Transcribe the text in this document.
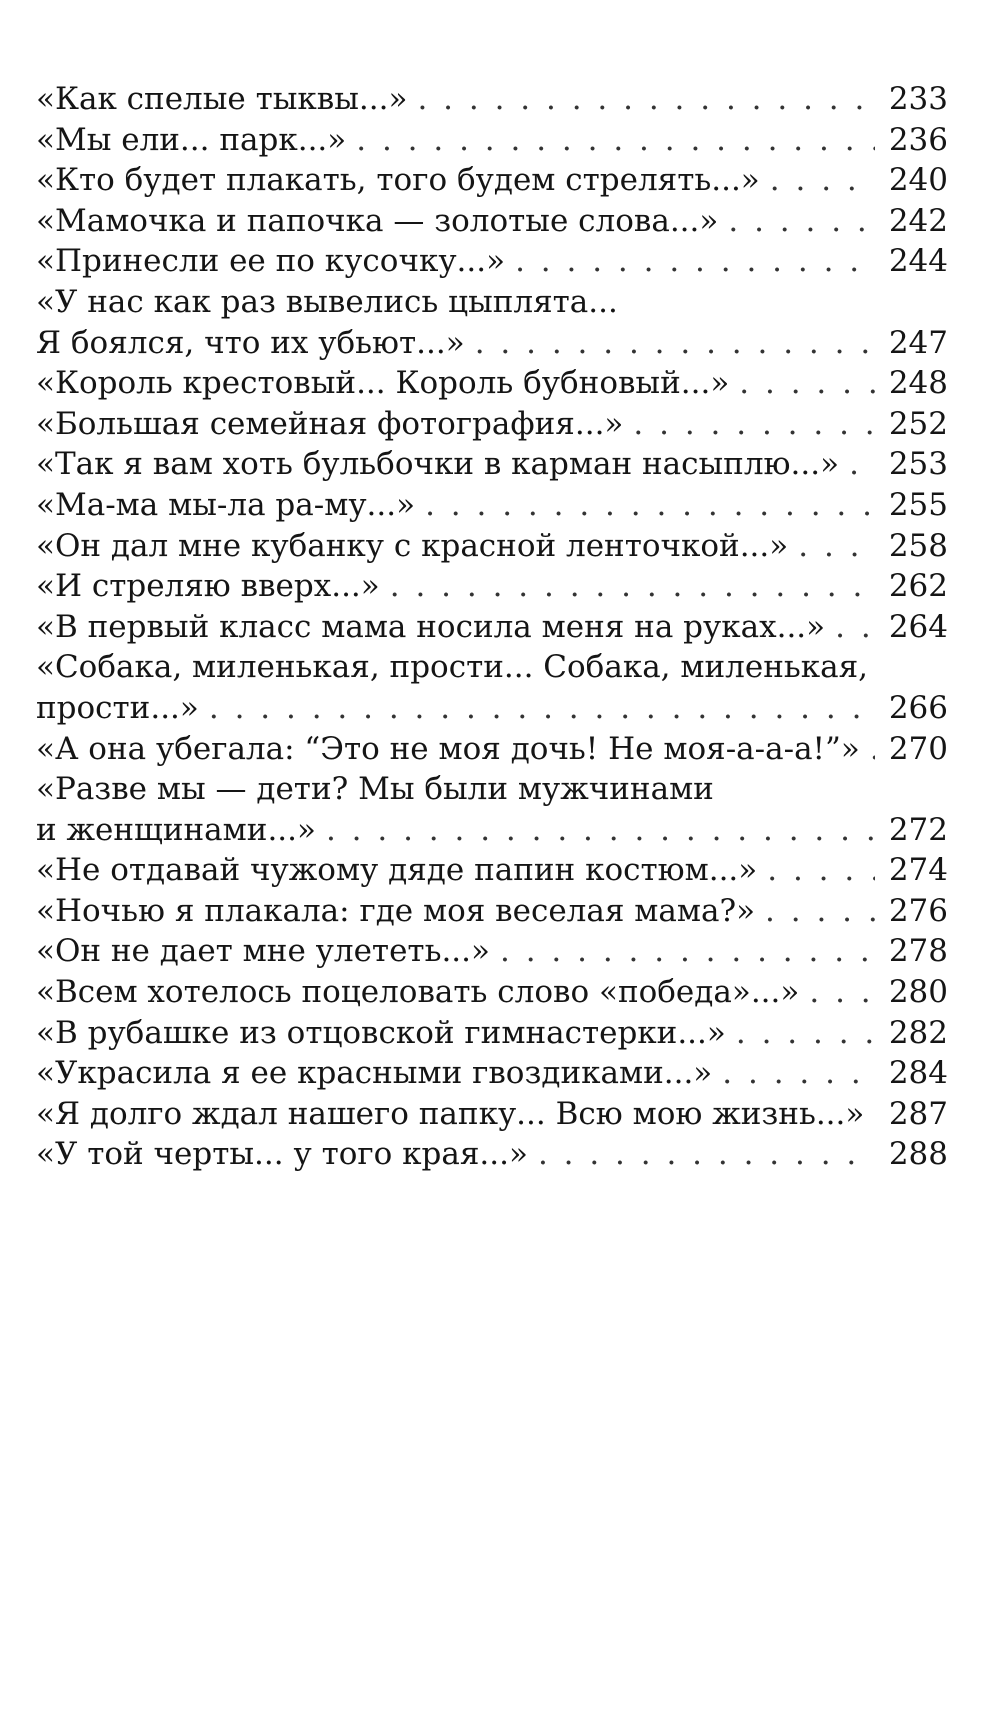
«Как спелые тыквы...» . . .	233
«Мы ели... парк...» . . .	236
«Кто будет плакать, того будем стрелять...» . . .	240
«Мамочка и папочка — золотые слова...» . . .	242
«Принесли ее по кусочку...» . . .	244
«У нас как раз вывелись цыплята...
Я боялся, что их убьют...» . . .	247
«Король крестовый... Король бубновый...» . . .	248
«Большая семейная фотография...» . . .	252
«Так я вам хоть бульбочки в карман насыплю...» . . . 253
«Ма-ма мы-ла ра-му...» . . .	255
«Он дал мне кубанку с красной ленточкой...» . . .	258
«И стреляю вверх...» . . .	262
«В первый класс мама носила меня на руках...» . . . 264
«Собака, миленькая, прости... Собака, миленькая,
прости...» . . .	266
«А она убегала: “Это не моя дочь! Не моя-а-а-а!”» . . . 270
«Разве мы — дети? Мы были мужчинами
и женщинами...» . . .	272
«Не отдавай чужому дяде папин костюм...» . . .	274
«Ночью я плакала: где моя веселая мама?» . . .	276
«Он не дает мне улететь...» . . .	278
«Всем хотелось поцеловать слово «победа»...» . . .	280
«В рубашке из отцовской гимнастерки...» . . .	282
«Украсила я ее красными гвоздиками...» . . .	284
«Я долго ждал нашего папку... Всю мою жизнь...» . . . 287
«У той черты... у того края...» . . .	288
